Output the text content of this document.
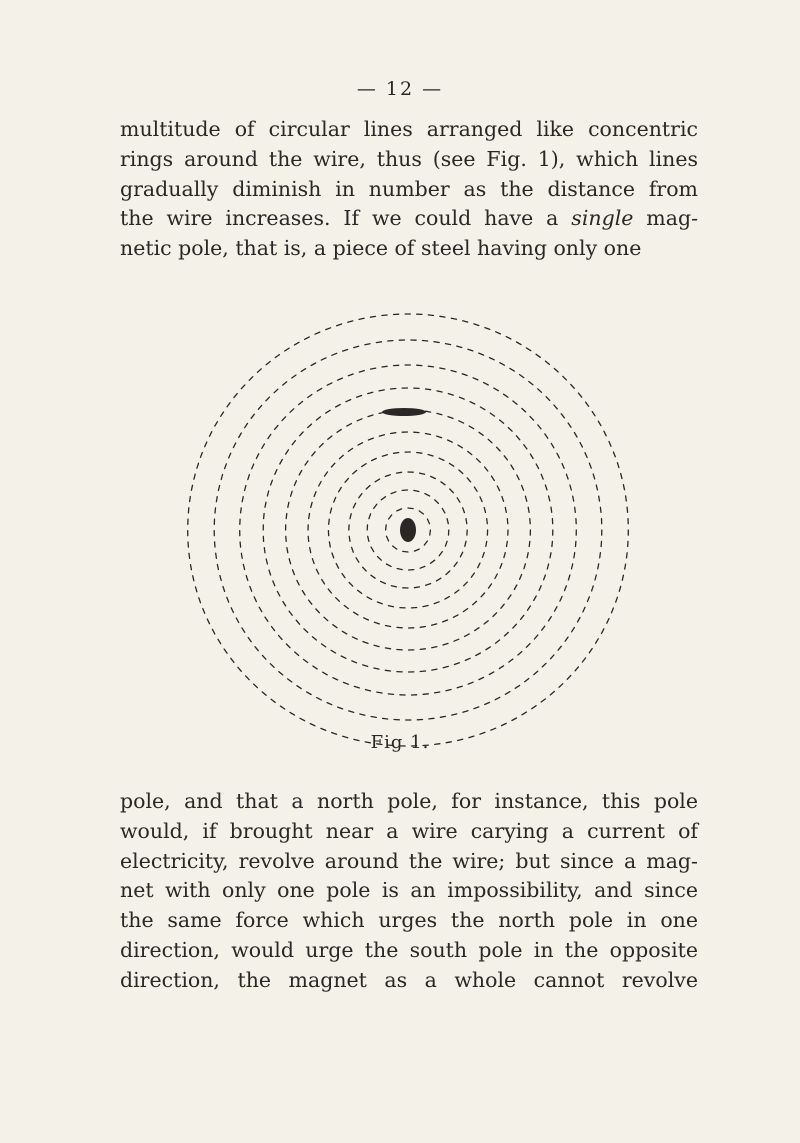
— 12 —

multitude of circular lines arranged like concentric
rings around the wire, thus (see Fig. 1), which lines
gradually diminish in number as the distance from
the wire increases. If we could have a single mag-
netic pole, that is, a piece of steel having only one

Fig 1.

pole, and that a north pole, for instance, this pole
would, if brought near a wire carying a current of
electricity, revolve around the wire; but since a mag-
net with only one pole is an impossibility, and since
the same force which urges the north pole in one
direction, would urge the south pole in the opposite
direction, the magnet as a whole cannot revolve
